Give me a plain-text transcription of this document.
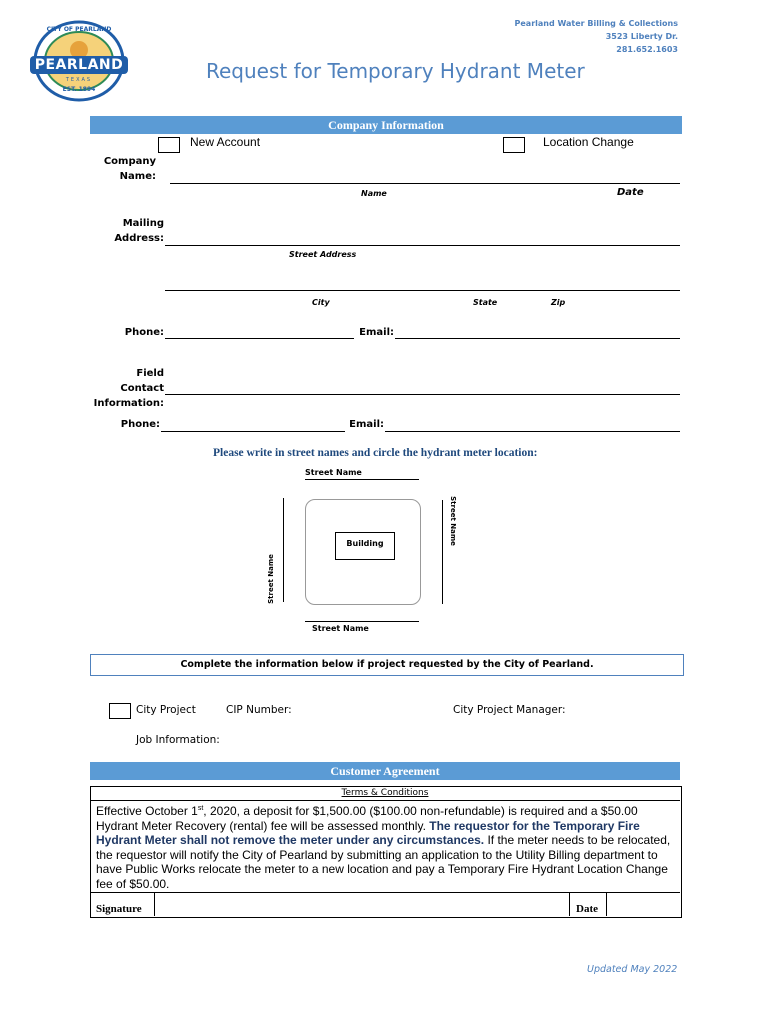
PEARLAND
CITY OF PEARLAND
TEXAS
EST. 1894
Pearland Water Billing & Collections
3523 Liberty Dr.
281.652.1603
Request for Temporary Hydrant Meter
Company Information
New Account	Location Change
Company Name:
Name	Date
Mailing Address:
Street Address
City	State	Zip
Phone:	Email:
Field Contact Information:
Phone:	Email:
Please write in street names and circle the hydrant meter location:
Street Name
Street Name
Street Name
Building
Street Name
Complete the information below if project requested by the City of Pearland.
City Project	CIP Number:	City Project Manager:
Job Information:
Customer Agreement
Terms & Conditions
Effective October 1st, 2020, a deposit for $1,500.00 ($100.00 non-refundable) is required and a $50.00 Hydrant Meter Recovery (rental) fee will be assessed monthly. The requestor for the Temporary Fire Hydrant Meter shall not remove the meter under any circumstances. If the meter needs to be relocated, the requestor will notify the City of Pearland by submitting an application to the Utility Billing department to have Public Works relocate the meter to a new location and pay a Temporary Fire Hydrant Location Change fee of $50.00.
Signature	Date
Updated May 2022
